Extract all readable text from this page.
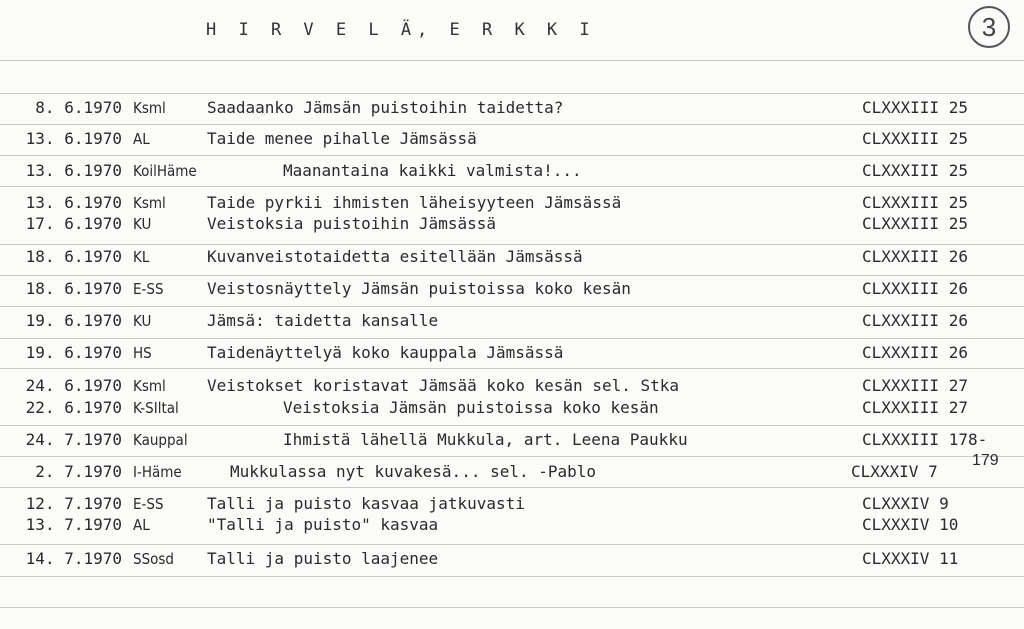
H I R V E L Ä, E R K K I	3
8. 6.1970 Ksml	Saadaanko Jämsän puistoihin taidetta?	CLXXXIII 25
13. 6.1970 AL	Taide menee pihalle Jämsässä	CLXXXIII 25
13. 6.1970 KoilHäme	Maanantaina kaikki valmista!...	CLXXXIII 25
13. 6.1970 Ksml	Taide pyrkii ihmisten läheisyyteen Jämsässä	CLXXXIII 25
17. 6.1970 KU	Veistoksia puistoihin Jämsässä	CLXXXIII 25
18. 6.1970 KL	Kuvanveistotaidetta esitellään Jämsässä	CLXXXIII 26
18. 6.1970 E-SS	Veistosnäyttely Jämsän puistoissa koko kesän	CLXXXIII 26
19. 6.1970 KU	Jämsä: taidetta kansalle	CLXXXIII 26
19. 6.1970 HS	Taidenäyttelyä koko kauppala Jämsässä	CLXXXIII 26
24. 6.1970 Ksml	Veistokset koristavat Jämsää koko kesän sel. Stka	CLXXXIII 27
22. 6.1970 K-SIltal	Veistoksia Jämsän puistoissa koko kesän	CLXXXIII 27
24. 7.1970 Kauppal	Ihmistä lähellä Mukkula, art. Leena Paukku	CLXXXIII 178-
2. 7.1970 I-Häme	Mukkulassa nyt kuvakesä... sel. -Pablo	CLXXXIV 7
12. 7.1970 E-SS	Talli ja puisto kasvaa jatkuvasti	CLXXXIV 9
13. 7.1970 AL	"Talli ja puisto" kasvaa	CLXXXIV 10
14. 7.1970 SSosd Talli ja puisto laajenee	CLXXXIV 11
179
